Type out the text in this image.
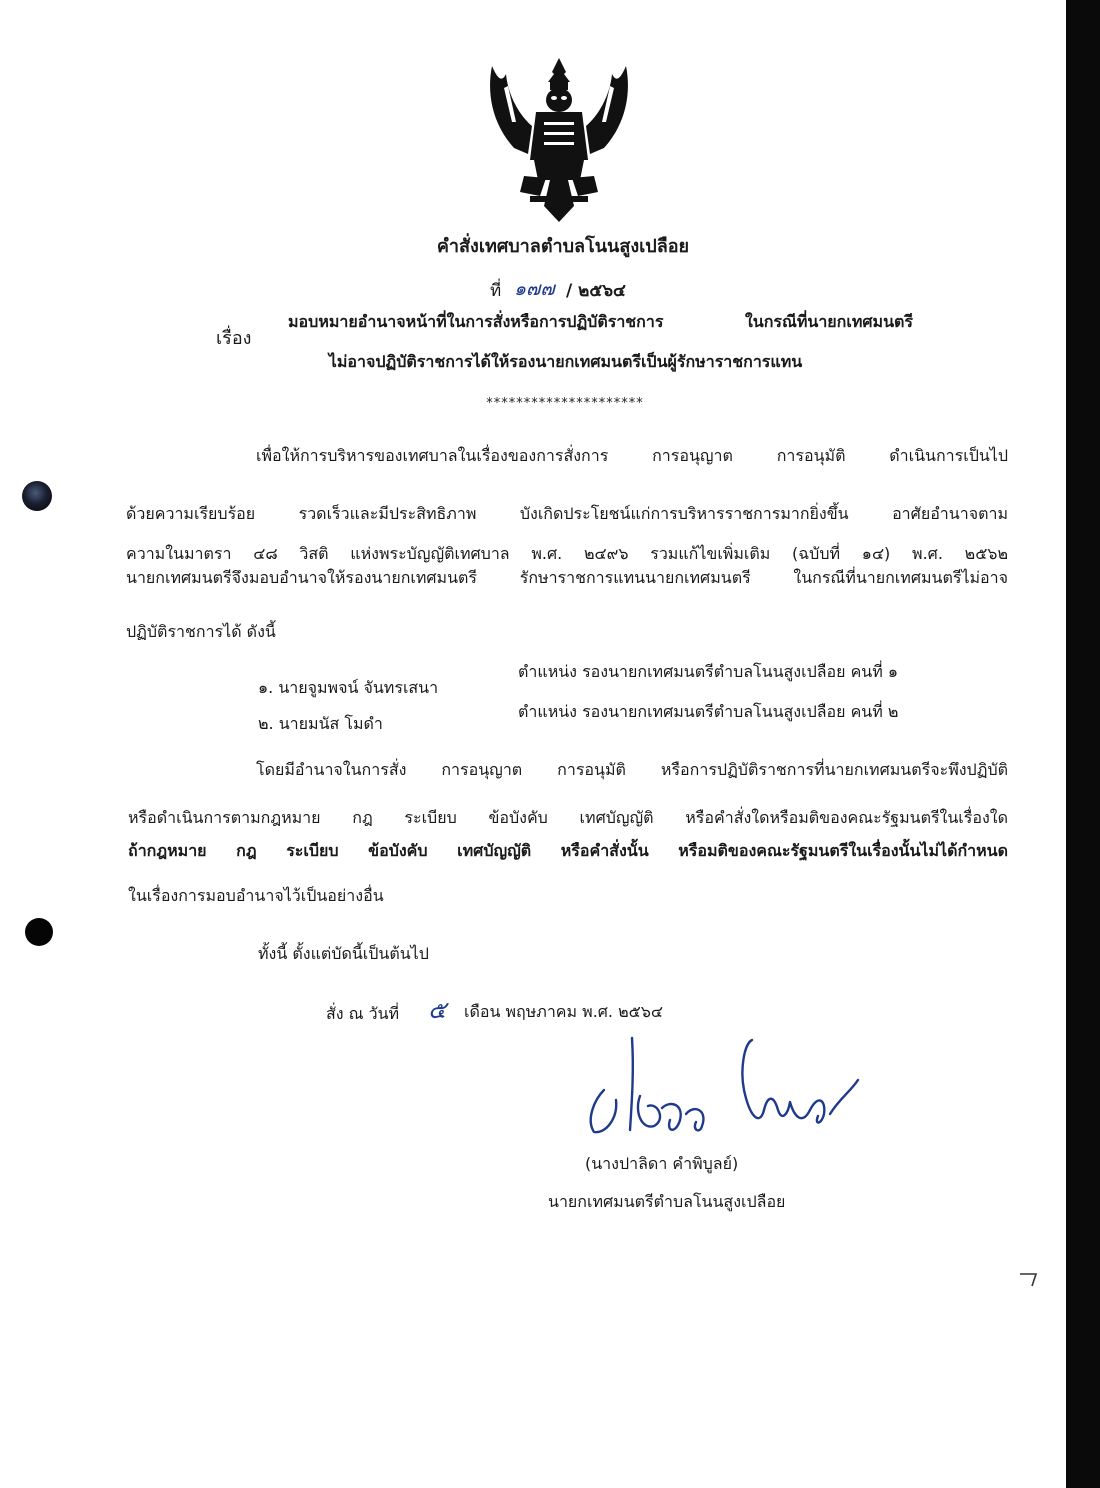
คำสั่งเทศบาลตำบลโนนสูงเปลือย
ที่ ๑๗๗ / ๒๕๖๔
เรื่อง
มอบหมายอำนาจหน้าที่ในการสั่งหรือการปฏิบัติราชการ ในกรณีที่นายกเทศมนตรี
ไม่อาจปฏิบัติราชการได้ให้รองนายกเทศมนตรีเป็นผู้รักษาราชการแทน
*********************
เพื่อให้การบริหารของเทศบาลในเรื่องของการสั่งการ การอนุญาต การอนุมัติ ดำเนินการเป็นไป
ด้วยความเรียบร้อย รวดเร็วและมีประสิทธิภาพ บังเกิดประโยชน์แก่การบริหารราชการมากยิ่งขึ้น อาศัยอำนาจตาม
ความในมาตรา ๔๘ วิสติ แห่งพระบัญญัติเทศบาล พ.ศ. ๒๔๙๖ รวมแก้ไขเพิ่มเติม (ฉบับที่ ๑๔) พ.ศ. ๒๕๖๒
นายกเทศมนตรีจึงมอบอำนาจให้รองนายกเทศมนตรี รักษาราชการแทนนายกเทศมนตรี ในกรณีที่นายกเทศมนตรีไม่อาจ
ปฏิบัติราชการได้ ดังนี้
๑. นายจูมพจน์ จันทรเสนา
ตำแหน่ง รองนายกเทศมนตรีตำบลโนนสูงเปลือย คนที่ ๑
๒. นายมนัส โมดำ
ตำแหน่ง รองนายกเทศมนตรีตำบลโนนสูงเปลือย คนที่ ๒
โดยมีอำนาจในการสั่ง การอนุญาต การอนุมัติ หรือการปฏิบัติราชการที่นายกเทศมนตรีจะพึงปฏิบัติ
หรือดำเนินการตามกฎหมาย กฎ ระเบียบ ข้อบังคับ เทศบัญญัติ หรือคำสั่งใดหรือมติของคณะรัฐมนตรีในเรื่องใด
ถ้ากฎหมาย กฎ ระเบียบ ข้อบังคับ เทศบัญญัติ หรือคำสั่งนั้น หรือมติของคณะรัฐมนตรีในเรื่องนั้นไม่ได้กำหนด
ในเรื่องการมอบอำนาจไว้เป็นอย่างอื่น
ทั้งนี้ ตั้งแต่บัดนี้เป็นต้นไป
สั่ง ณ วันที่ ๕ เดือน พฤษภาคม พ.ศ. ๒๕๖๔
(นางปาลิดา คำพิบูลย์)
นายกเทศมนตรีตำบลโนนสูงเปลือย
